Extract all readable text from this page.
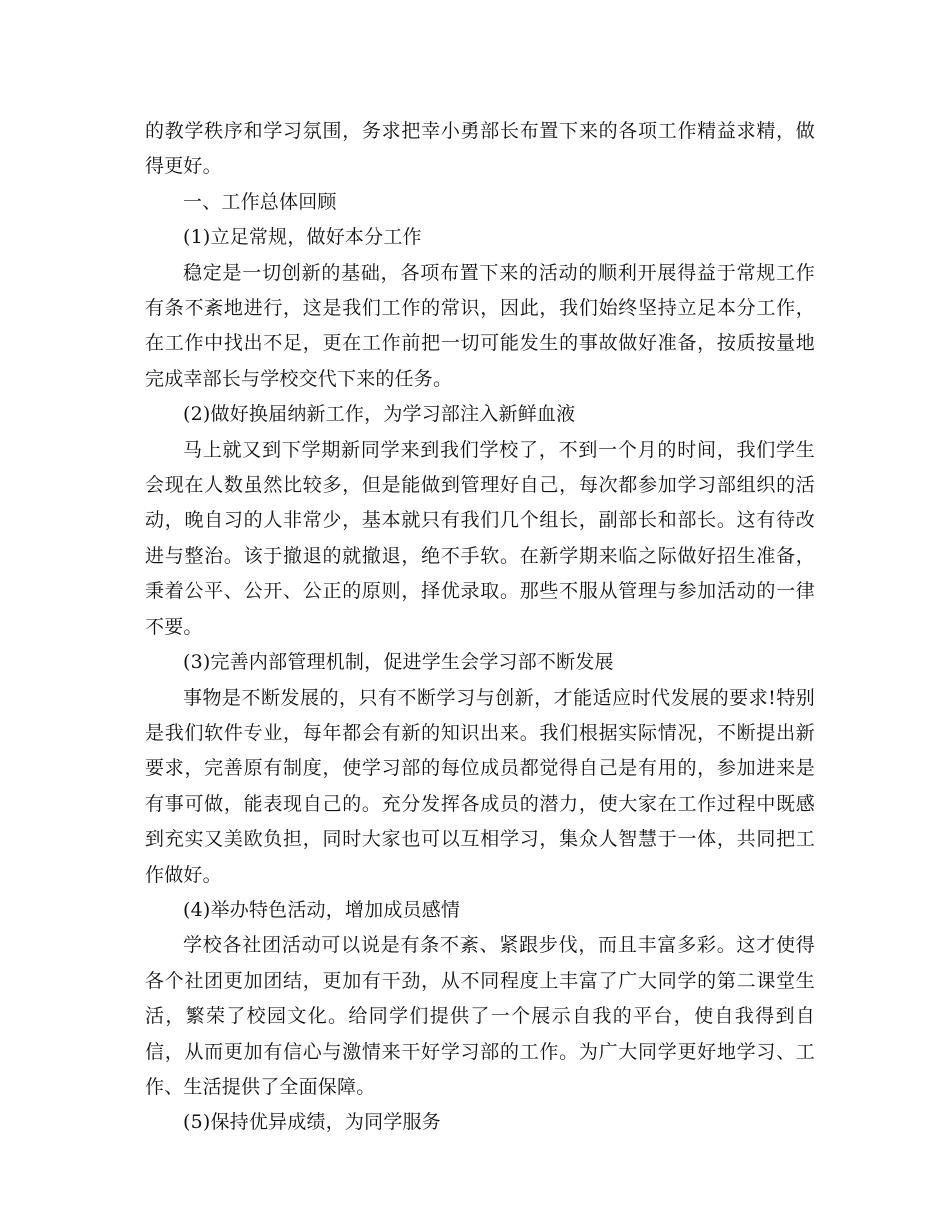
的教学秩序和学习氛围，务求把幸小勇部长布置下来的各项工作精益求精，做得更好。

一、工作总体回顾

(1)立足常规，做好本分工作

稳定是一切创新的基础，各项布置下来的活动的顺利开展得益于常规工作有条不紊地进行，这是我们工作的常识，因此，我们始终坚持立足本分工作，在工作中找出不足，更在工作前把一切可能发生的事故做好准备，按质按量地完成幸部长与学校交代下来的任务。

(2)做好换届纳新工作，为学习部注入新鲜血液

马上就又到下学期新同学来到我们学校了，不到一个月的时间，我们学生会现在人数虽然比较多，但是能做到管理好自己，每次都参加学习部组织的活动，晚自习的人非常少，基本就只有我们几个组长，副部长和部长。这有待改进与整治。该于撤退的就撤退，绝不手软。在新学期来临之际做好招生准备，秉着公平、公开、公正的原则，择优录取。那些不服从管理与参加活动的一律不要。

(3)完善内部管理机制，促进学生会学习部不断发展

事物是不断发展的，只有不断学习与创新，才能适应时代发展的要求!特别是我们软件专业，每年都会有新的知识出来。我们根据实际情况，不断提出新要求，完善原有制度，使学习部的每位成员都觉得自己是有用的，参加进来是有事可做，能表现自己的。充分发挥各成员的潜力，使大家在工作过程中既感到充实又美欧负担，同时大家也可以互相学习，集众人智慧于一体，共同把工作做好。

(4)举办特色活动，增加成员感情

学校各社团活动可以说是有条不紊、紧跟步伐，而且丰富多彩。这才使得各个社团更加团结，更加有干劲，从不同程度上丰富了广大同学的第二课堂生活，繁荣了校园文化。给同学们提供了一个展示自我的平台，使自我得到自信，从而更加有信心与激情来干好学习部的工作。为广大同学更好地学习、工作、生活提供了全面保障。

(5)保持优异成绩，为同学服务
